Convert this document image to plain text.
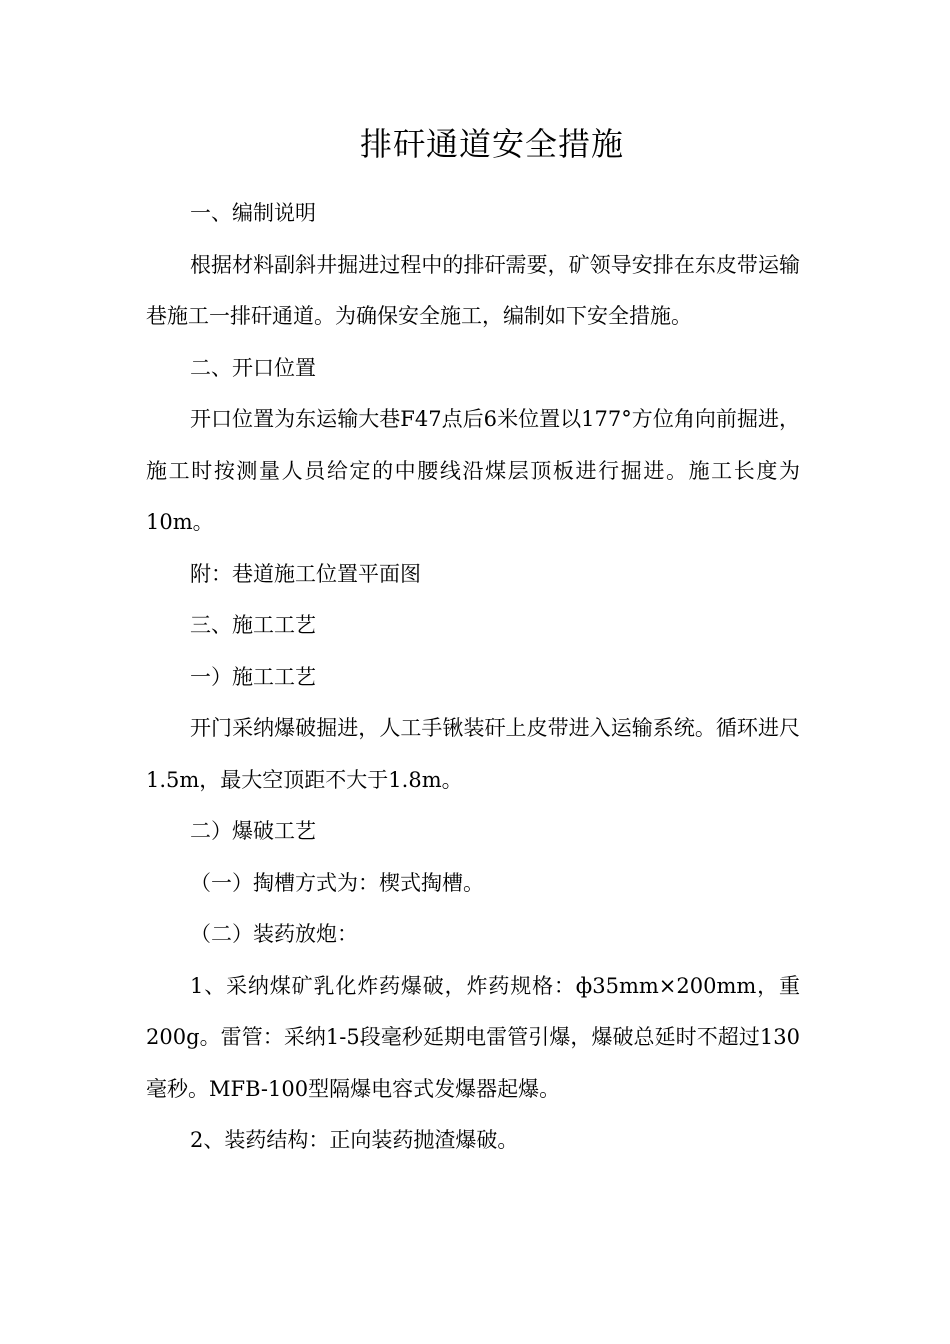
排矸通道安全措施

一、编制说明

根据材料副斜井掘进过程中的排矸需要，矿领导安排在东皮带运输巷施工一排矸通道。为确保安全施工，编制如下安全措施。

二、开口位置

开口位置为东运输大巷F47点后6米位置以177°方位角向前掘进，施工时按测量人员给定的中腰线沿煤层顶板进行掘进。施工长度为10m。

附：巷道施工位置平面图

三、施工工艺

一）施工工艺

开门采纳爆破掘进，人工手锹装矸上皮带进入运输系统。循环进尺1.5m，最大空顶距不大于1.8m。

二）爆破工艺

（一）掏槽方式为：楔式掏槽。

（二）装药放炮：

1、采纳煤矿乳化炸药爆破，炸药规格：ф35mm×200mm，重200g。雷管：采纳1-5段毫秒延期电雷管引爆，爆破总延时不超过130毫秒。MFB-100型隔爆电容式发爆器起爆。

2、装药结构：正向装药抛渣爆破。
